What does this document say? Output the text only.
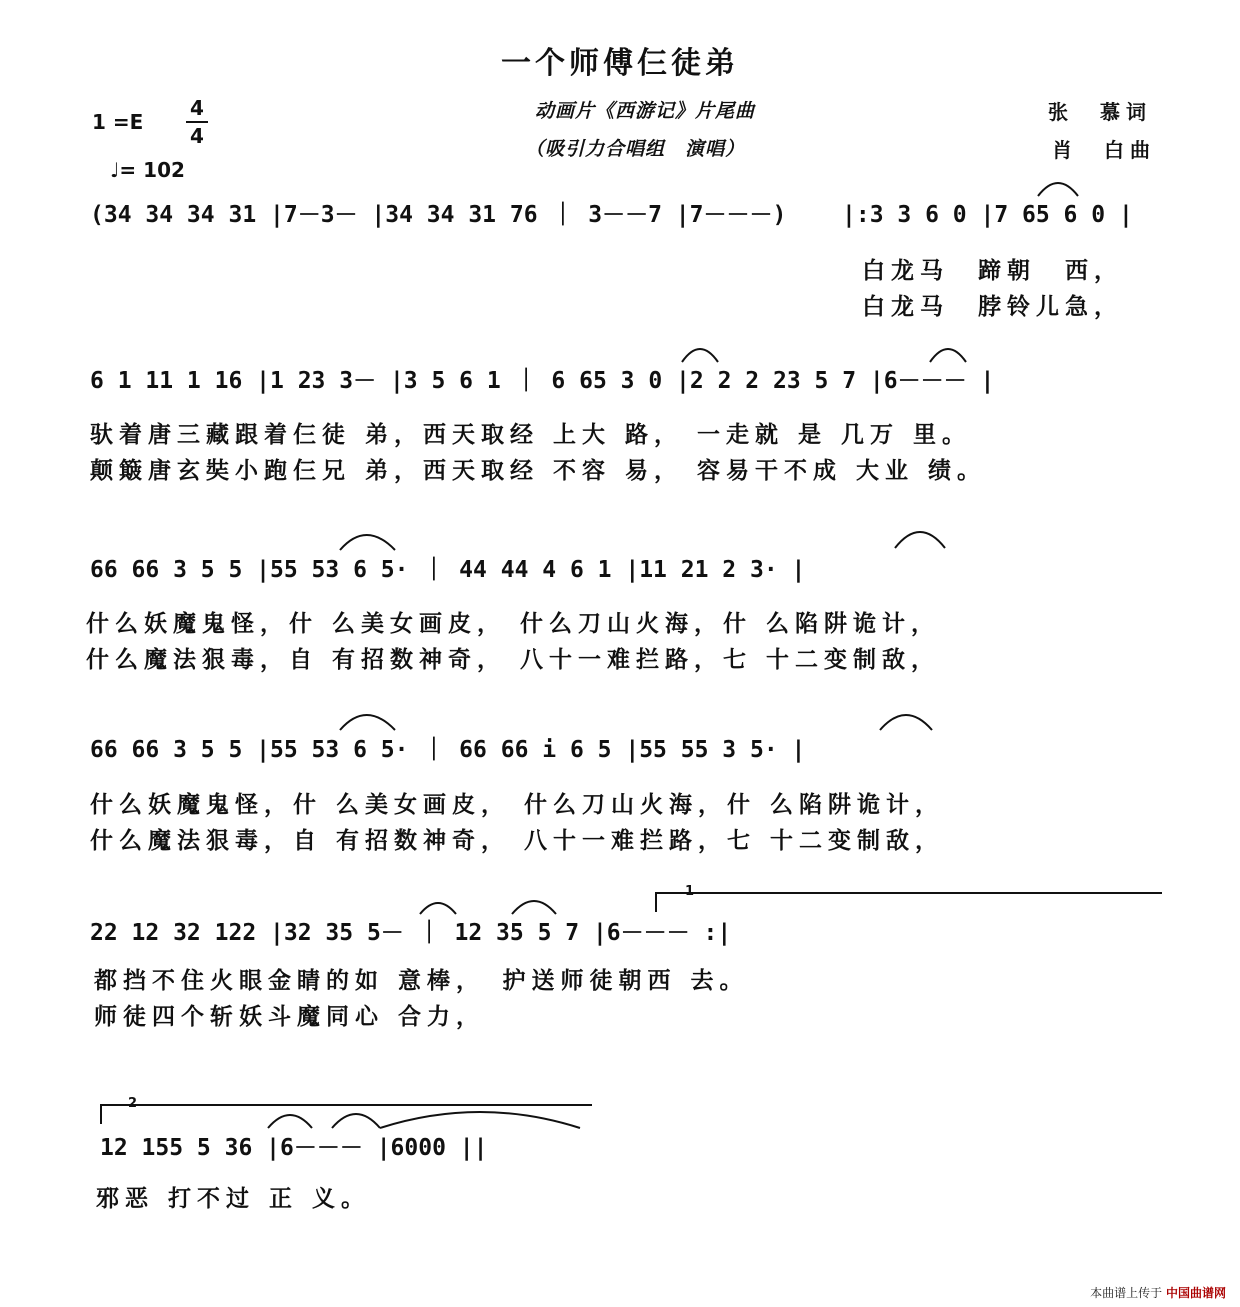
一个师傅仨徒弟
1 =E
4
4
♩= 102
动画片《西游记》片尾曲
（吸引力合唱组　演唱）
张　慕词
肖　白曲

(34 34 34 31 |7－3－ |34 34 31 76 ｜ 3－－7 |7－－－)

|:3 3 6 0 |7 65 6 0 |

白龙马　蹄朝　西，

白龙马　脖铃儿急，

6 1 11 1 16 |1 23 3－ |3 5 6 1 ｜ 6 65 3 0 |2 2 2 23 5 7 |6－－－ |

驮着唐三藏跟着仨徒 弟，西天取经 上大 路， 一走就 是 几万 里。

颠簸唐玄奘小跑仨兄 弟，西天取经 不容 易， 容易干不成 大业 绩。

66 66 3 5 5 |55 53 6 5· ｜ 44 44 4 6 1 |11 21 2 3· |

什么妖魔鬼怪，什 么美女画皮， 什么刀山火海，什 么陷阱诡计，

什么魔法狠毒，自 有招数神奇， 八十一难拦路，七 十二变制敌，

66 66 3 5 5 |55 53 6 5· ｜ 66 66 i 6 5 |55 55 3 5· |

什么妖魔鬼怪，什 么美女画皮， 什么刀山火海，什 么陷阱诡计，

什么魔法狠毒，自 有招数神奇， 八十一难拦路，七 十二变制敌，

1

22 12 32 122 |32 35 5－ ｜ 12 35 5 7 |6－－－ :|

都挡不住火眼金睛的如 意棒，　护送师徒朝西 去。

师徒四个斩妖斗魔同心 合力，

2

12 155 5 36 |6－－－ |6000 ||

邪恶 打不过 正 义。

本曲谱上传于 中国曲谱网
